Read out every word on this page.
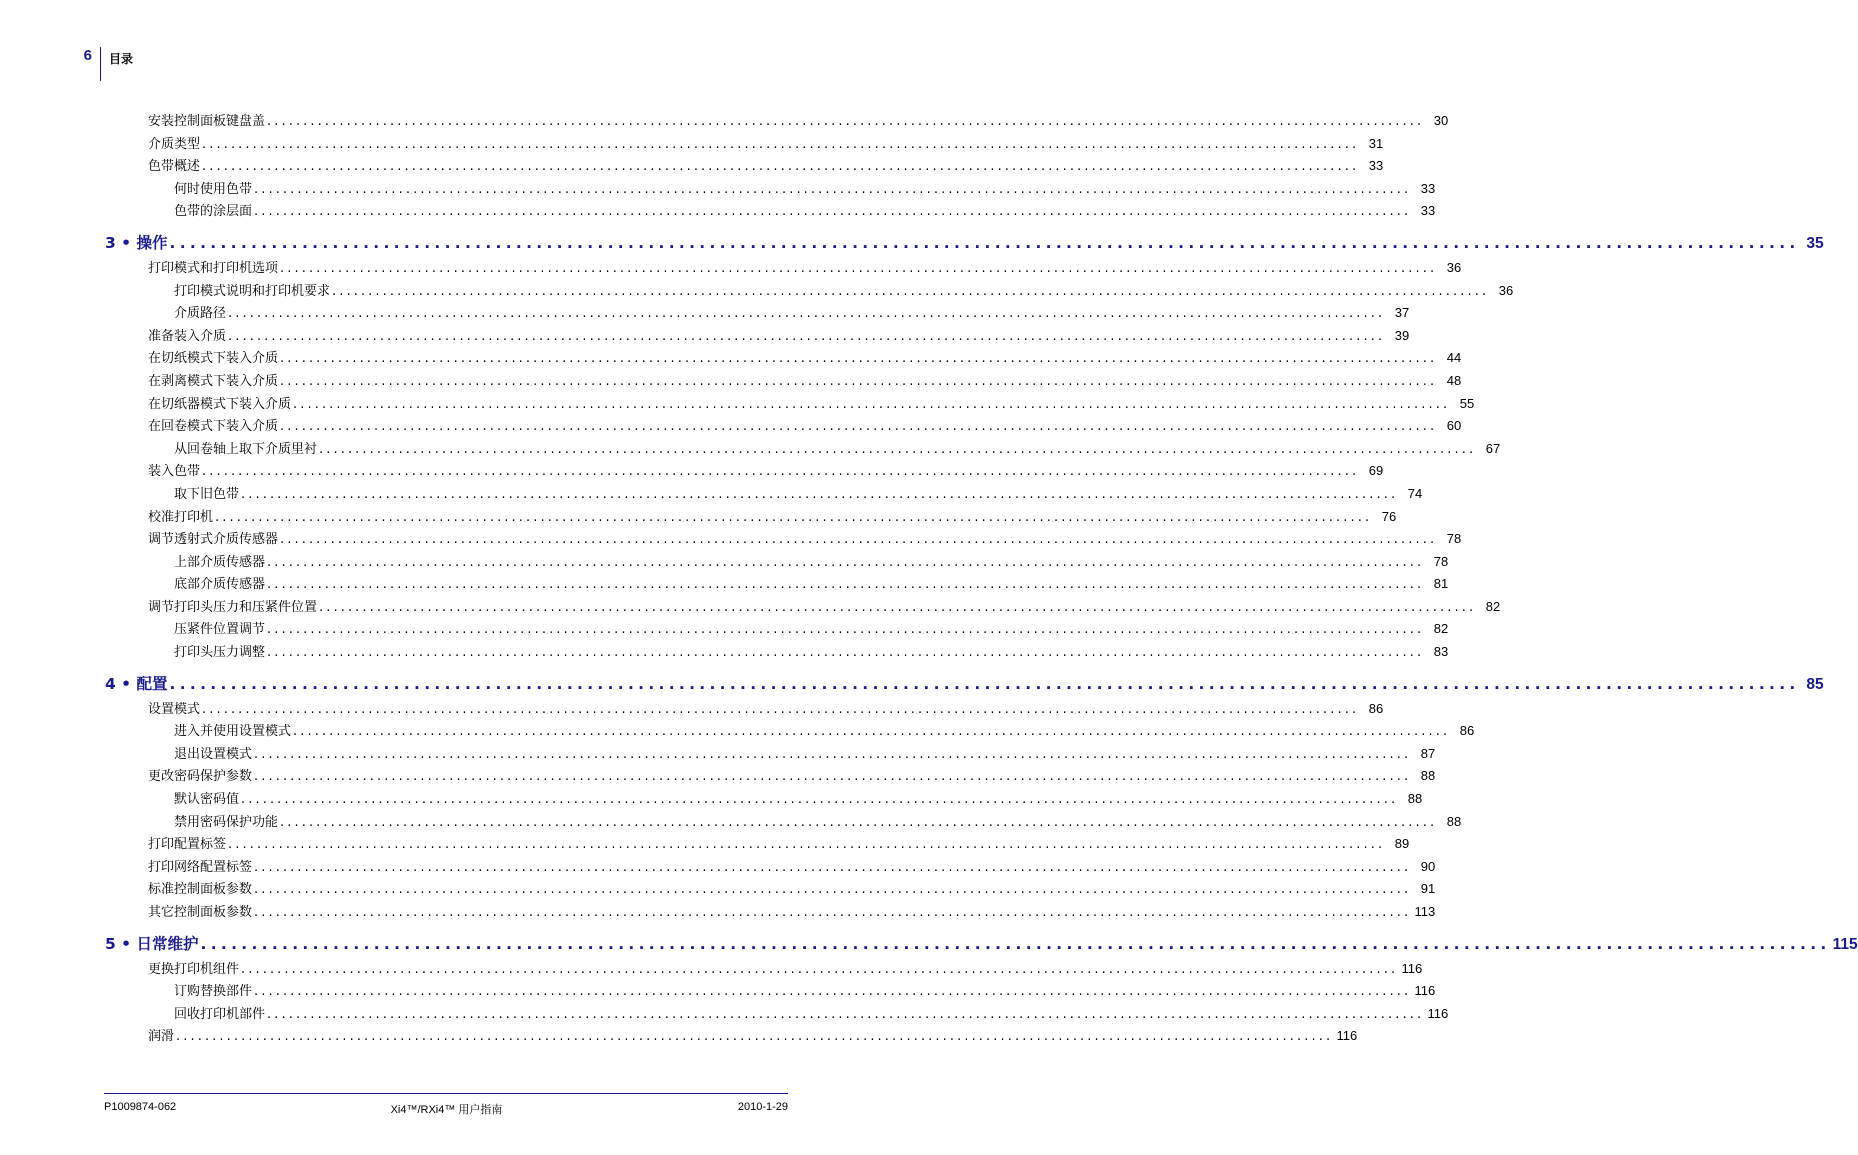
6 目录
安装控制面板键盘盖 ................................................................................................................................................................ 30
介质类型 ................................................................................................................................................................ 31
色带概述 ................................................................................................................................................................ 33
何时使用色带 ................................................................................................................................................................ 33
色带的涂层面 ................................................................................................................................................................ 33
3 • 操作 ................................................................................................................................................................ 35
打印模式和打印机选项 ................................................................................................................................................................ 36
打印模式说明和打印机要求 ................................................................................................................................................................ 36
介质路径 ................................................................................................................................................................ 37
准备装入介质 ................................................................................................................................................................ 39
在切纸模式下装入介质 ................................................................................................................................................................ 44
在剥离模式下装入介质 ................................................................................................................................................................ 48
在切纸器模式下装入介质 ................................................................................................................................................................ 55
在回卷模式下装入介质 ................................................................................................................................................................ 60
从回卷轴上取下介质里衬 ................................................................................................................................................................ 67
装入色带 ................................................................................................................................................................ 69
取下旧色带 ................................................................................................................................................................ 74
校准打印机 ................................................................................................................................................................ 76
调节透射式介质传感器 ................................................................................................................................................................ 78
上部介质传感器 ................................................................................................................................................................ 78
底部介质传感器 ................................................................................................................................................................ 81
调节打印头压力和压紧件位置 ................................................................................................................................................................ 82
压紧件位置调节 ................................................................................................................................................................ 82
打印头压力调整 ................................................................................................................................................................ 83
4 • 配置 ................................................................................................................................................................ 85
设置模式 ................................................................................................................................................................ 86
进入并使用设置模式 ................................................................................................................................................................ 86
退出设置模式 ................................................................................................................................................................ 87
更改密码保护参数 ................................................................................................................................................................ 88
默认密码值 ................................................................................................................................................................ 88
禁用密码保护功能 ................................................................................................................................................................ 88
打印配置标签 ................................................................................................................................................................ 89
打印网络配置标签 ................................................................................................................................................................ 90
标准控制面板参数 ................................................................................................................................................................ 91
其它控制面板参数 ................................................................................................................................................................ 113
5 • 日常维护 ................................................................................................................................................................ 115
更换打印机组件 ................................................................................................................................................................ 116
订购替换部件 ................................................................................................................................................................ 116
回收打印机部件 ................................................................................................................................................................ 116
润滑 ................................................................................................................................................................ 116
P1009874-062	Xi4™/RXi4™ 用户指南	2010-1-29
